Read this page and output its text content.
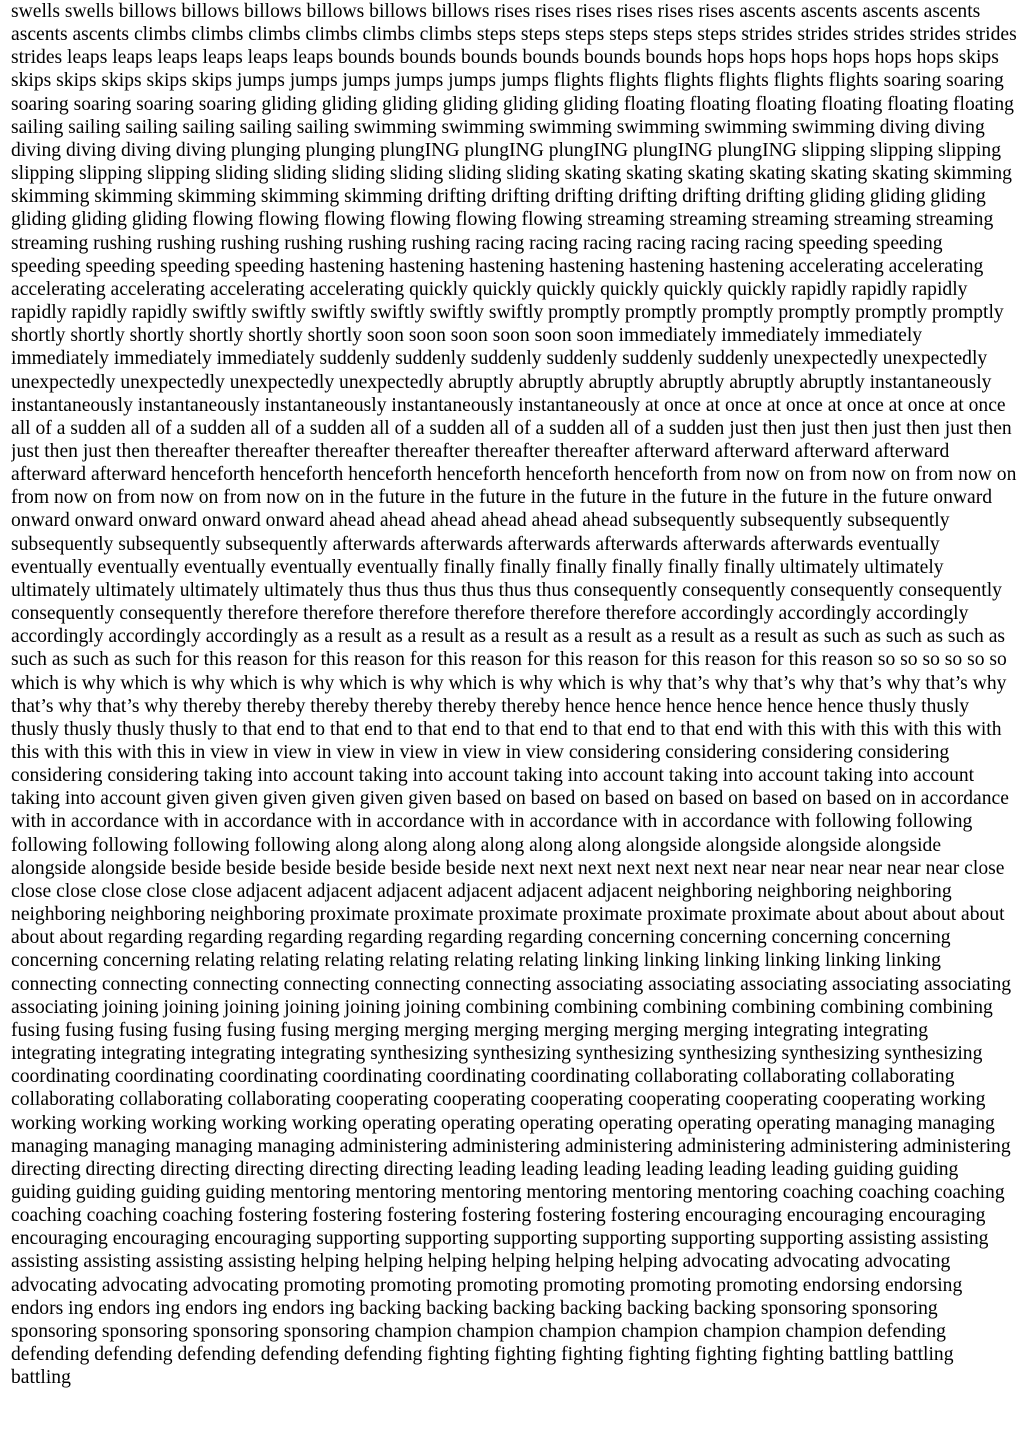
swells swells billows billows billows billows billows billows rises rises rises rises rises rises ascents ascents ascents ascents ascents ascents climbs climbs climbs climbs climbs climbs steps steps steps steps steps steps strides strides strides strides strides strides leaps leaps leaps leaps leaps leaps bounds bounds bounds bounds bounds bounds hops hops hops hops hops hops skips skips skips skips skips skips jumps jumps jumps jumps jumps jumps flights flights flights flights flights flights soaring soaring soaring soaring soaring soaring gliding gliding gliding gliding gliding gliding floating floating floating floating floating floating sailing sailing sailing sailing sailing sailing swimming swimming swimming swimming swimming swimming diving diving diving diving diving diving plunging plunging plungING plungING plungING plungING plungING slipping slipping slipping slipping slipping slipping sliding sliding sliding sliding sliding sliding skating skating skating skating skating skating skimming skimming skimming skimming skimming skimming drifting drifting drifting drifting drifting drifting gliding gliding gliding gliding gliding gliding flowing flowing flowing flowing flowing flowing streaming streaming streaming streaming streaming streaming rushing rushing rushing rushing rushing rushing racing racing racing racing racing racing speeding speeding speeding speeding speeding speeding hastening hastening hastening hastening hastening hastening accelerating accelerating accelerating accelerating accelerating accelerating quickly quickly quickly quickly quickly quickly rapidly rapidly rapidly rapidly rapidly rapidly swiftly swiftly swiftly swiftly swiftly swiftly promptly promptly promptly promptly promptly promptly shortly shortly shortly shortly shortly shortly soon soon soon soon soon soon immediately immediately immediately immediately immediately immediately suddenly suddenly suddenly suddenly suddenly suddenly unexpectedly unexpectedly unexpectedly unexpectedly unexpectedly unexpectedly abruptly abruptly abruptly abruptly abruptly abruptly instantaneously instantaneously instantaneously instantaneously instantaneously instantaneously at once at once at once at once at once at once all of a sudden all of a sudden all of a sudden all of a sudden all of a sudden all of a sudden just then just then just then just then just then just then thereafter thereafter thereafter thereafter thereafter thereafter afterward afterward afterward afterward afterward afterward henceforth henceforth henceforth henceforth henceforth henceforth from now on from now on from now on from now on from now on from now on in the future in the future in the future in the future in the future in the future onward onward onward onward onward onward ahead ahead ahead ahead ahead ahead subsequently subsequently subsequently subsequently subsequently subsequently afterwards afterwards afterwards afterwards afterwards afterwards eventually eventually eventually eventually eventually eventually finally finally finally finally finally finally ultimately ultimately ultimately ultimately ultimately ultimately thus thus thus thus thus thus consequently consequently consequently consequently consequently consequently therefore therefore therefore therefore therefore therefore accordingly accordingly accordingly accordingly accordingly accordingly as a result as a result as a result as a result as a result as a result as such as such as such as such as such as such for this reason for this reason for this reason for this reason for this reason for this reason so so so so so so which is why which is why which is why which is why which is why which is why that’s why that’s why that’s why that’s why that’s why that’s why thereby thereby thereby thereby thereby thereby hence hence hence hence hence hence thusly thusly thusly thusly thusly thusly to that end to that end to that end to that end to that end to that end with this with this with this with this with this with this in view in view in view in view in view in view considering considering considering considering considering considering taking into account taking into account taking into account taking into account taking into account taking into account given given given given given given based on based on based on based on based on based on in accordance with in accordance with in accordance with in accordance with in accordance with in accordance with following following following following following following along along along along along along alongside alongside alongside alongside alongside alongside beside beside beside beside beside beside next next next next next next near near near near near near close close close close close close adjacent adjacent adjacent adjacent adjacent adjacent neighboring neighboring neighboring neighboring neighboring neighboring proximate proximate proximate proximate proximate proximate about about about about about about regarding regarding regarding regarding regarding regarding concerning concerning concerning concerning concerning concerning relating relating relating relating relating relating linking linking linking linking linking linking connecting connecting connecting connecting connecting connecting associating associating associating associating associating associating joining joining joining joining joining joining combining combining combining combining combining combining fusing fusing fusing fusing fusing fusing merging merging merging merging merging merging integrating integrating integrating integrating integrating integrating synthesizing synthesizing synthesizing synthesizing synthesizing synthesizing coordinating coordinating coordinating coordinating coordinating coordinating collaborating collaborating collaborating collaborating collaborating collaborating cooperating cooperating cooperating cooperating cooperating cooperating working working working working working working operating operating operating operating operating operating managing managing managing managing managing managing administering administering administering administering administering administering directing directing directing directing directing directing leading leading leading leading leading leading guiding guiding guiding guiding guiding guiding mentoring mentoring mentoring mentoring mentoring mentoring coaching coaching coaching coaching coaching coaching fostering fostering fostering fostering fostering fostering encouraging encouraging encouraging encouraging encouraging encouraging supporting supporting supporting supporting supporting supporting assisting assisting assisting assisting assisting assisting helping helping helping helping helping helping advocating advocating advocating advocating advocating advocating promoting promoting promoting promoting promoting promoting endorsing endorsing endors ing endors ing endors ing endors ing backing backing backing backing backing backing sponsoring sponsoring sponsoring sponsoring sponsoring sponsoring champion champion champion champion champion champion defending defending defending defending defending defending fighting fighting fighting fighting fighting fighting battling battling battling
